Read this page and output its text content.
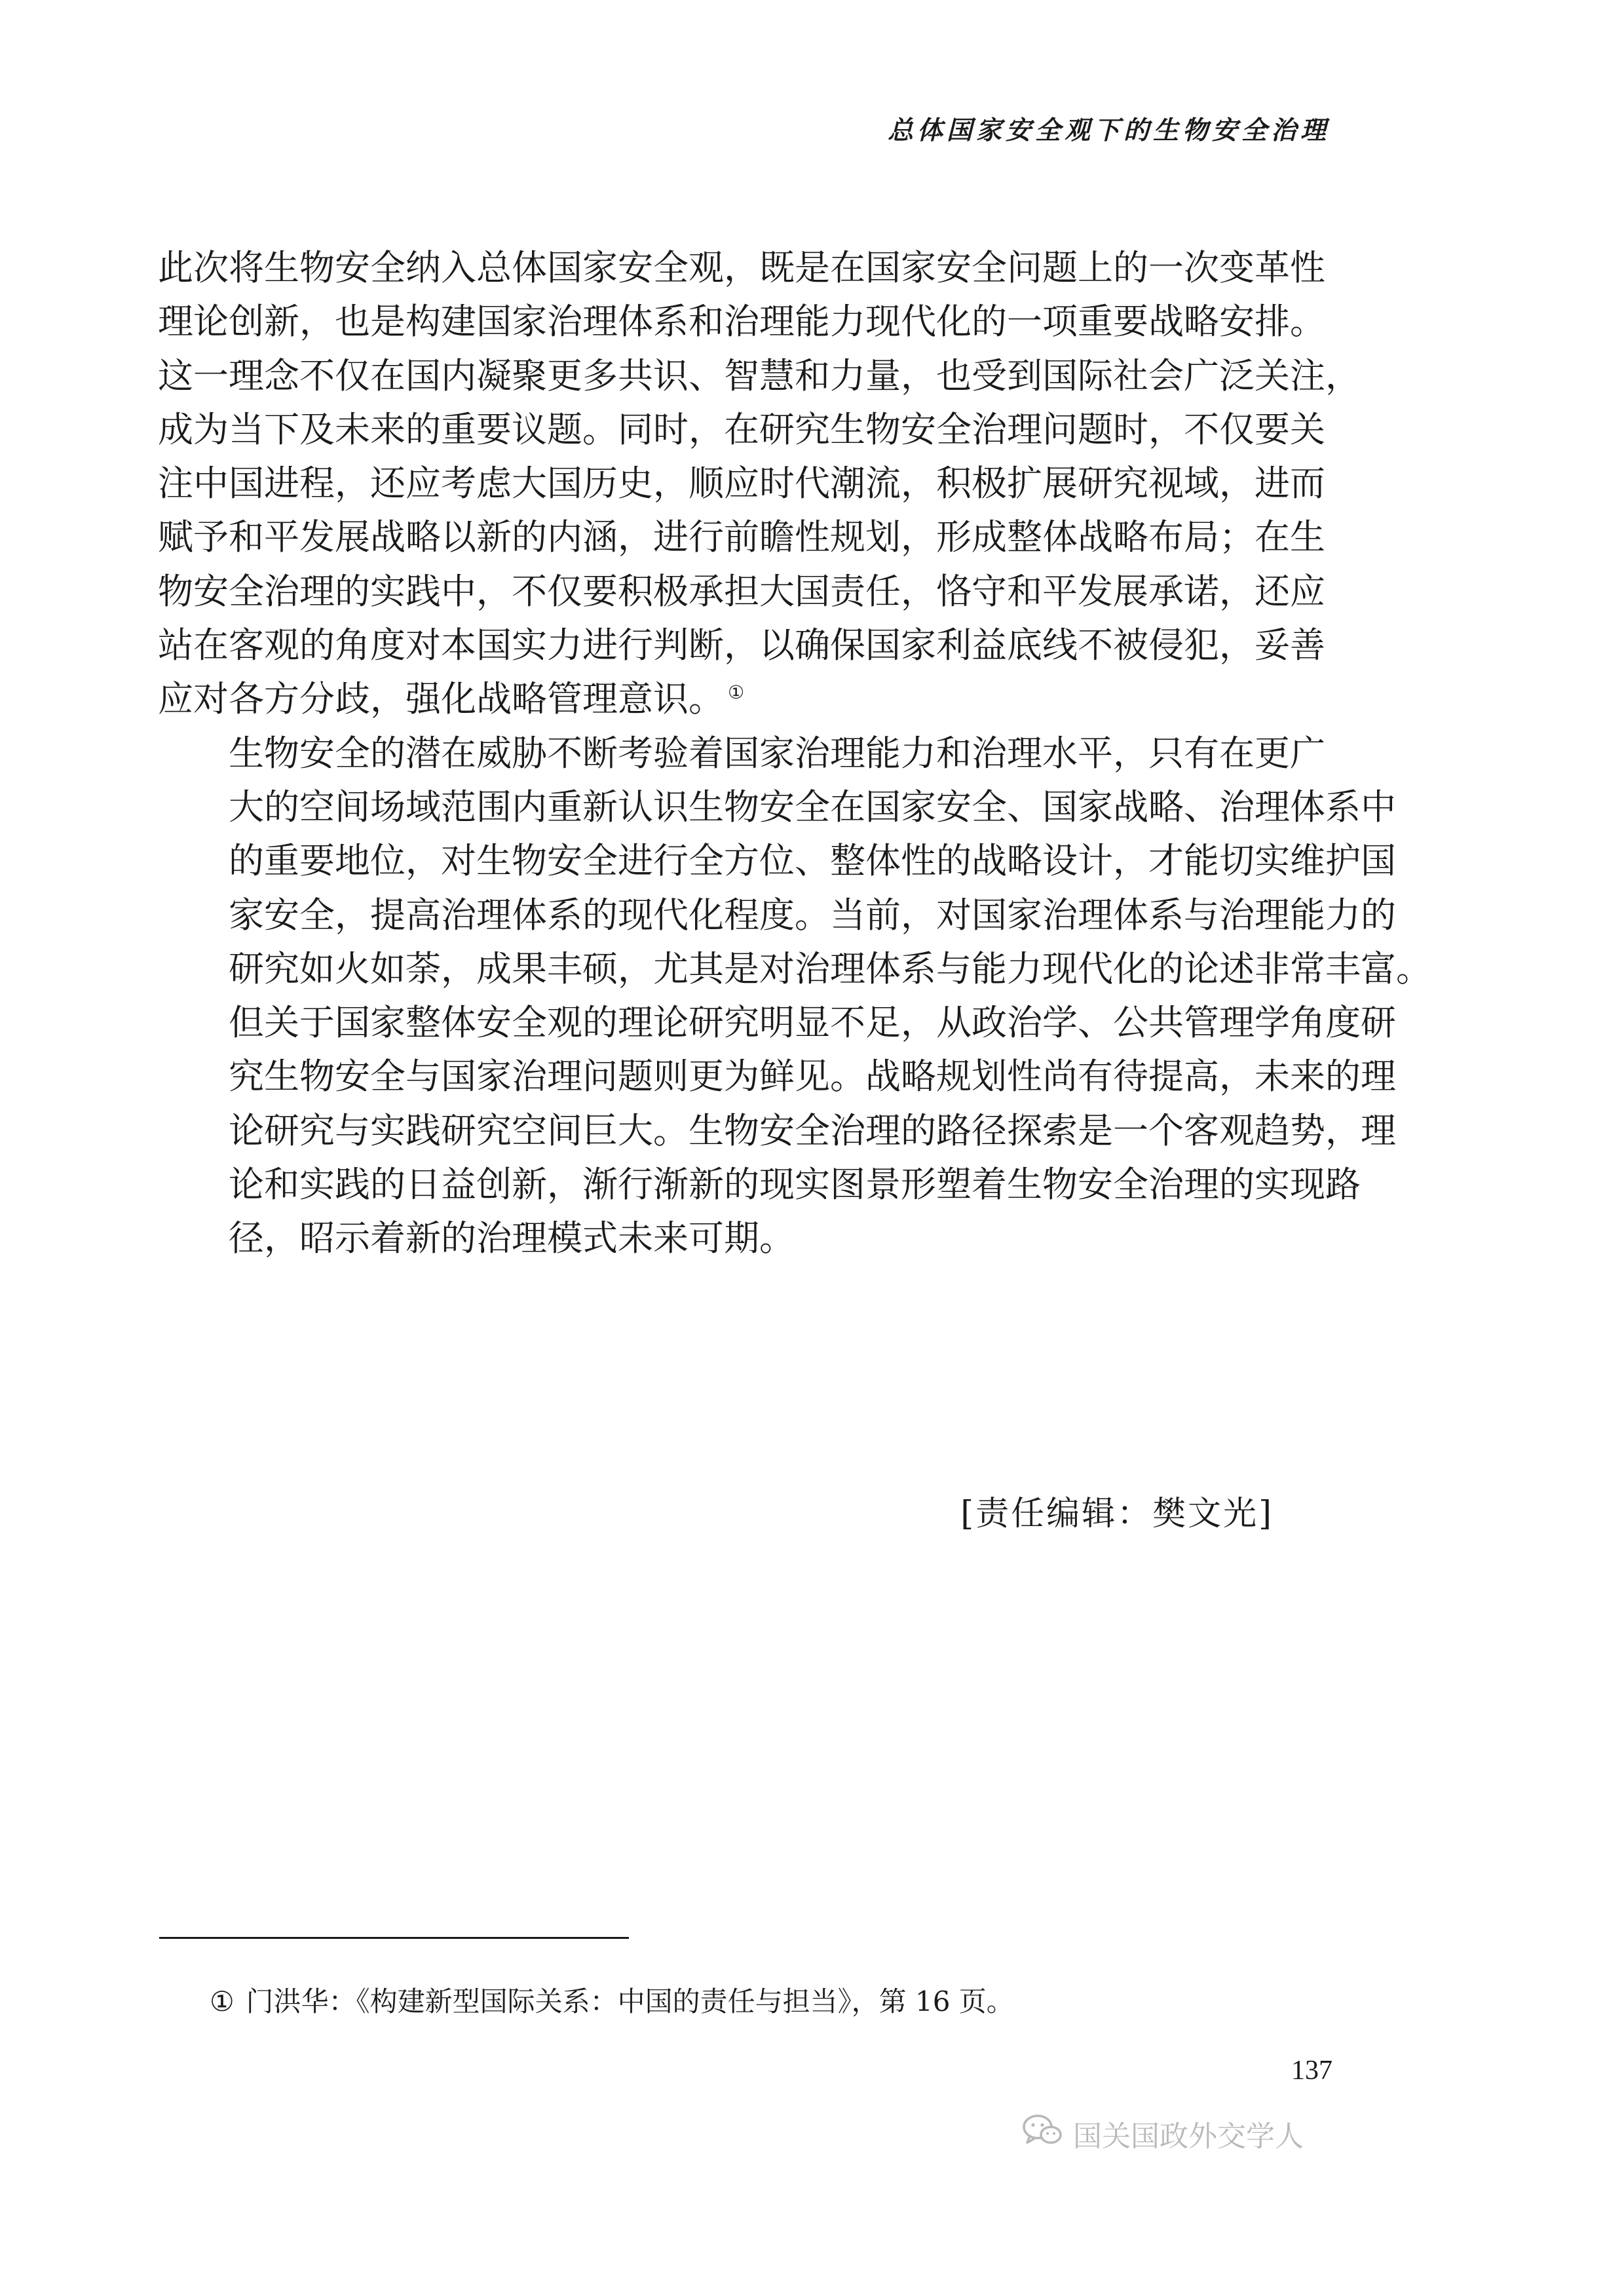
总体国家安全观下的生物安全治理

此次将生物安全纳入总体国家安全观，既是在国家安全问题上的一次变革性
理论创新，也是构建国家治理体系和治理能力现代化的一项重要战略安排。
这一理念不仅在国内凝聚更多共识、智慧和力量，也受到国际社会广泛关注，
成为当下及未来的重要议题。同时，在研究生物安全治理问题时，不仅要关
注中国进程，还应考虑大国历史，顺应时代潮流，积极扩展研究视域，进而
赋予和平发展战略以新的内涵，进行前瞻性规划，形成整体战略布局；在生
物安全治理的实践中，不仅要积极承担大国责任，恪守和平发展承诺，还应
站在客观的角度对本国实力进行判断，以确保国家利益底线不被侵犯，妥善
应对各方分歧，强化战略管理意识。 ①

生物安全的潜在威胁不断考验着国家治理能力和治理水平，只有在更广
大的空间场域范围内重新认识生物安全在国家安全、国家战略、治理体系中
的重要地位，对生物安全进行全方位、整体性的战略设计，才能切实维护国
家安全，提高治理体系的现代化程度。当前，对国家治理体系与治理能力的
研究如火如荼，成果丰硕，尤其是对治理体系与能力现代化的论述非常丰富。
但关于国家整体安全观的理论研究明显不足，从政治学、公共管理学角度研
究生物安全与国家治理问题则更为鲜见。战略规划性尚有待提高，未来的理
论研究与实践研究空间巨大。生物安全治理的路径探索是一个客观趋势，理
论和实践的日益创新，渐行渐新的现实图景形塑着生物安全治理的实现路
径，昭示着新的治理模式未来可期。

[责任编辑：樊文光]
① 门洪华：《构建新型国际关系：中国的责任与担当》，第 16 页。
137
国关国政外交学人
